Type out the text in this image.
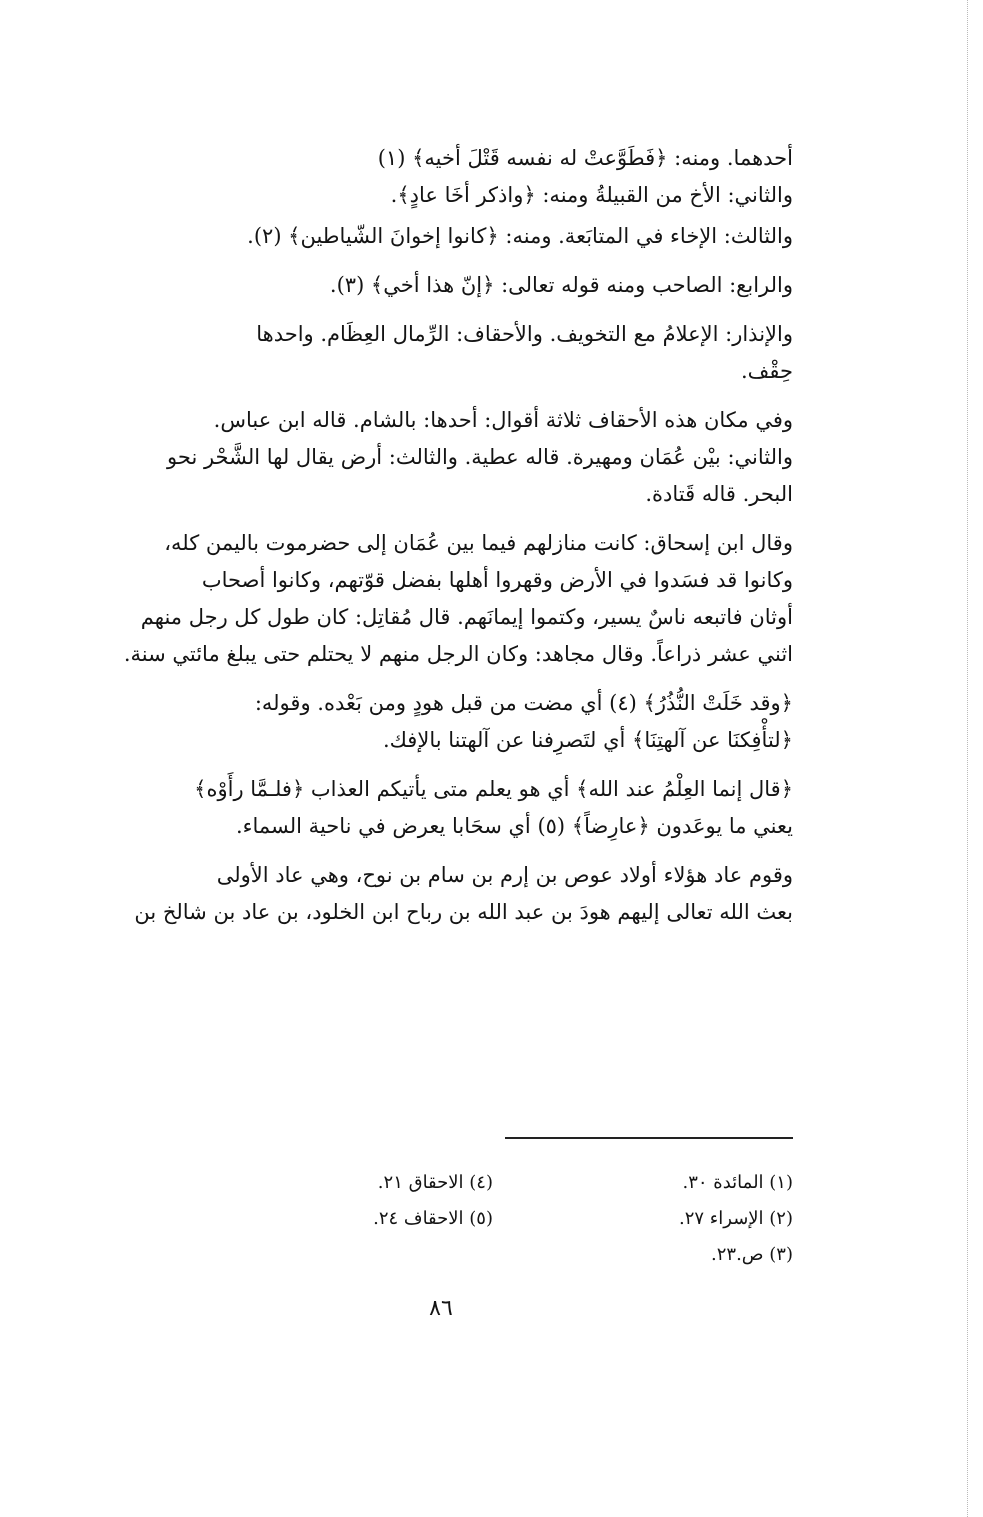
أحدهما. ومنه: ﴿فَطَوَّعتْ له نفسه قَتْلَ أخيه﴾ (١)
والثاني: الأخ من القبيلةُ ومنه: ﴿واذكر أخَا عادٍ﴾.

والثالث: الإخاء في المتابَعة. ومنه: ﴿كانوا إخوانَ الشّياطين﴾ (٢).

والرابع: الصاحب ومنه قوله تعالى: ﴿إنّ هذا أخي﴾ (٣).

والإنذار: الإعلامُ مع التخويف. والأحقاف: الرِّمال العِظَام. واحدها
حِقْف.

وفي مكان هذه الأحقاف ثلاثة أقوال: أحدها: بالشام. قاله ابن عباس.
والثاني: بيْن عُمَان ومهيرة. قاله عطية. والثالث: أرض يقال لها الشَّحْر نحو
البحر. قاله قَتادة.

وقال ابن إسحاق: كانت منازلهم فيما بين عُمَان إلى حضرموت باليمن كله،
وكانوا قد فسَدوا في الأرض وقهروا أهلها بفضل قوّتهم، وكانوا أصحاب
أوثان فاتبعه ناسٌ يسير، وكتموا إيمانَهم. قال مُقاتِل: كان طول كل رجل منهم
اثني عشر ذراعاً. وقال مجاهد: وكان الرجل منهم لا يحتلم حتى يبلغ مائتي سنة.

﴿وقد خَلَتْ النُّذُرُ﴾ (٤) أي مضت من قبل هودٍ ومن بَعْده. وقوله:
﴿لتأْفِكنَا عن آلهتِنَا﴾ أي لتَصرِفنا عن آلهتنا بالإفك.

﴿قال إنما العِلْمُ عند الله﴾ أي هو يعلم متى يأتيكم العذاب ﴿فلـمَّا رأَوْه﴾
يعني ما يوعَدون ﴿عارِضاً﴾ (٥) أي سحَابا يعرض في ناحية السماء.

وقوم عاد هؤلاء أولاد عوص بن إرم بن سام بن نوح، وهي عاد الأولى
بعث الله تعالى إليهم هودَ بن عبد الله بن رباح ابن الخلود، بن عاد بن شالخ بن

(١) المائدة ٣٠.
(٢) الإسراء ٢٧.
(٣) ص.٢٣.
(٤) الاحقاق ٢١.
(٥) الاحقاف ٢٤.
٨٦
